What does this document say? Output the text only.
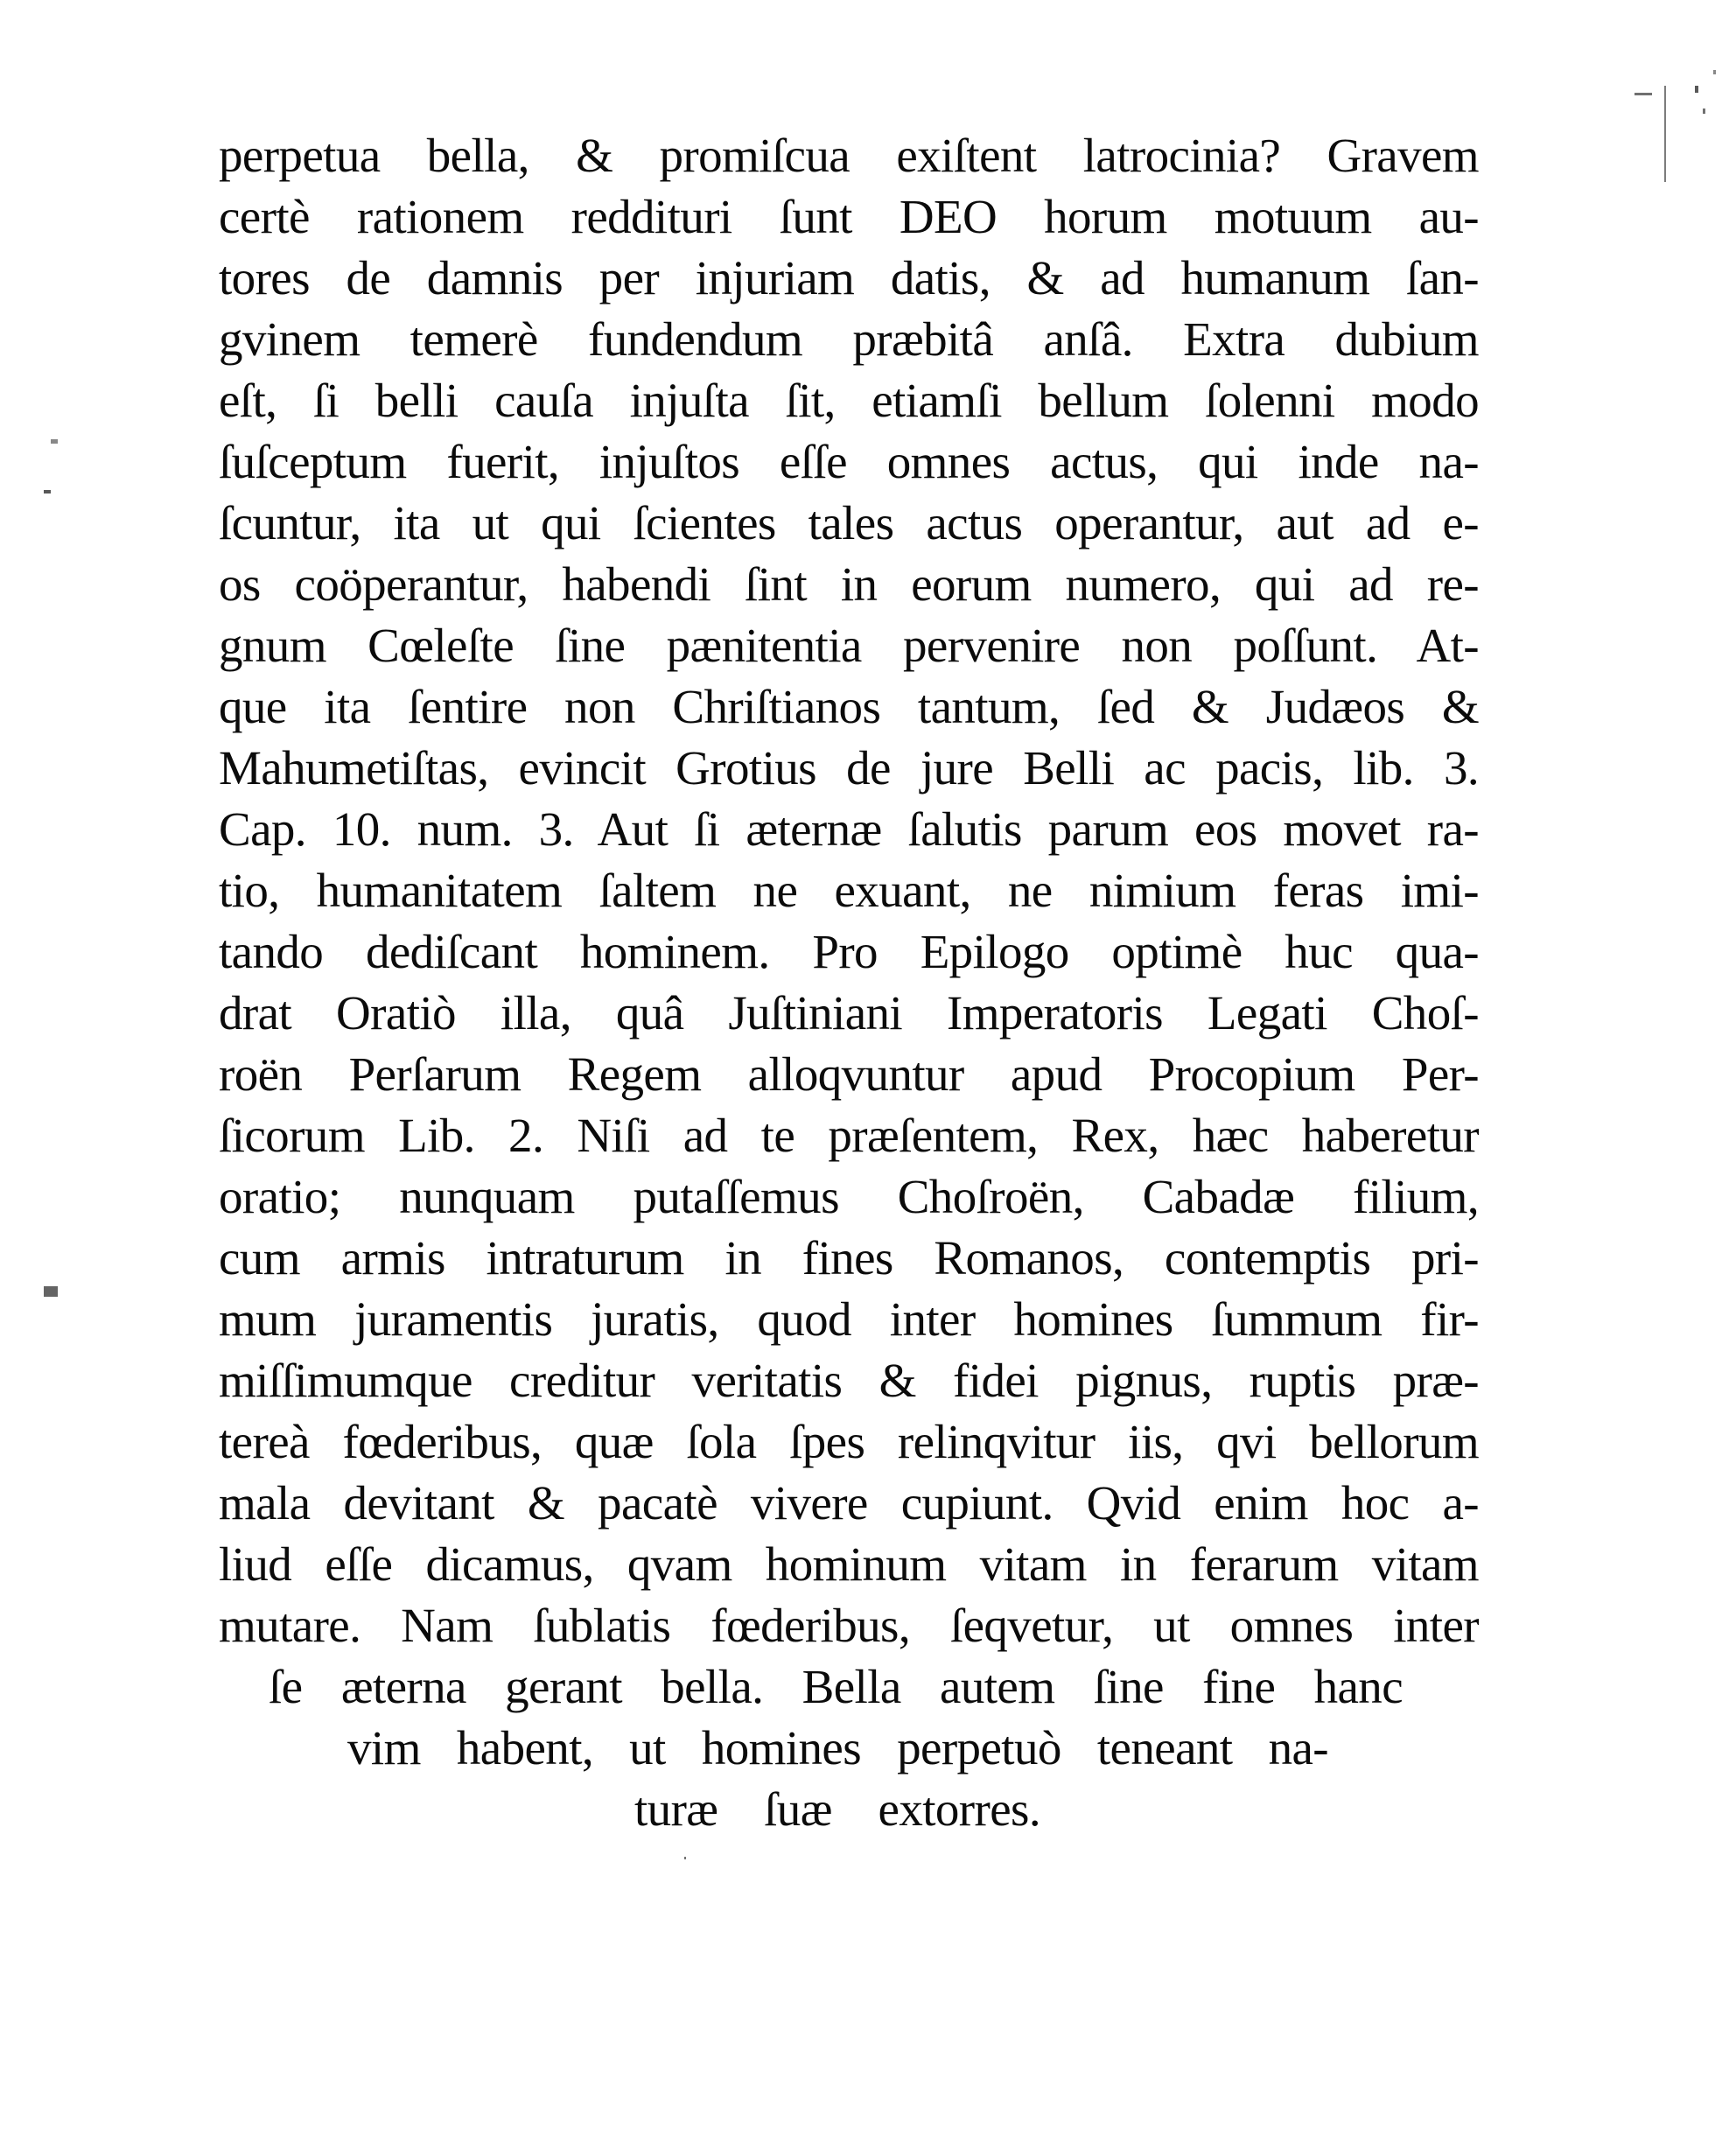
perpetua bella, & promiſcua exiſtent latrocinia? Gravem
certè rationem reddituri ſunt DEO horum motuum au-
tores de damnis per injuriam datis, & ad humanum ſan-
gvinem temerè fundendum præbitâ anſâ. Extra dubium
eſt, ſi belli cauſa injuſta ſit, etiamſi bellum ſolenni modo
ſuſceptum fuerit, injuſtos eſſe omnes actus, qui inde na-
ſcuntur, ita ut qui ſcientes tales actus operantur, aut ad e-
os coöperantur, habendi ſint in eorum numero, qui ad re-
gnum Cœleſte ſine pænitentia pervenire non poſſunt. At-
que ita ſentire non Chriſtianos tantum, ſed & Judæos &
Mahumetiſtas, evincit Grotius de jure Belli ac pacis, lib. 3.
Cap. 10. num. 3. Aut ſi æternæ ſalutis parum eos movet ra-
tio, humanitatem ſaltem ne exuant, ne nimium feras imi-
tando dediſcant hominem. Pro Epilogo optimè huc qua-
drat Oratiò illa, quâ Juſtiniani Imperatoris Legati Choſ-
roën Perſarum Regem alloqvuntur apud Procopium Per-
ſicorum Lib. 2. Niſi ad te præſentem, Rex, hæc haberetur
oratio; nunquam putaſſemus Choſroën, Cabadæ filium,
cum armis intraturum in fines Romanos, contemptis pri-
mum juramentis juratis, quod inter homines ſummum fir-
miſſimumque creditur veritatis & fidei pignus, ruptis præ-
tereà fœderibus, quæ ſola ſpes relinqvitur iis, qvi bellorum
mala devitant & pacatè vivere cupiunt. Qvid enim hoc a-
liud eſſe dicamus, qvam hominum vitam in ferarum vitam
mutare. Nam ſublatis fœderibus, ſeqvetur, ut omnes inter
ſe æterna gerant bella. Bella autem ſine fine hanc
vim habent, ut homines perpetuò teneant na-
turæ ſuæ extorres.
